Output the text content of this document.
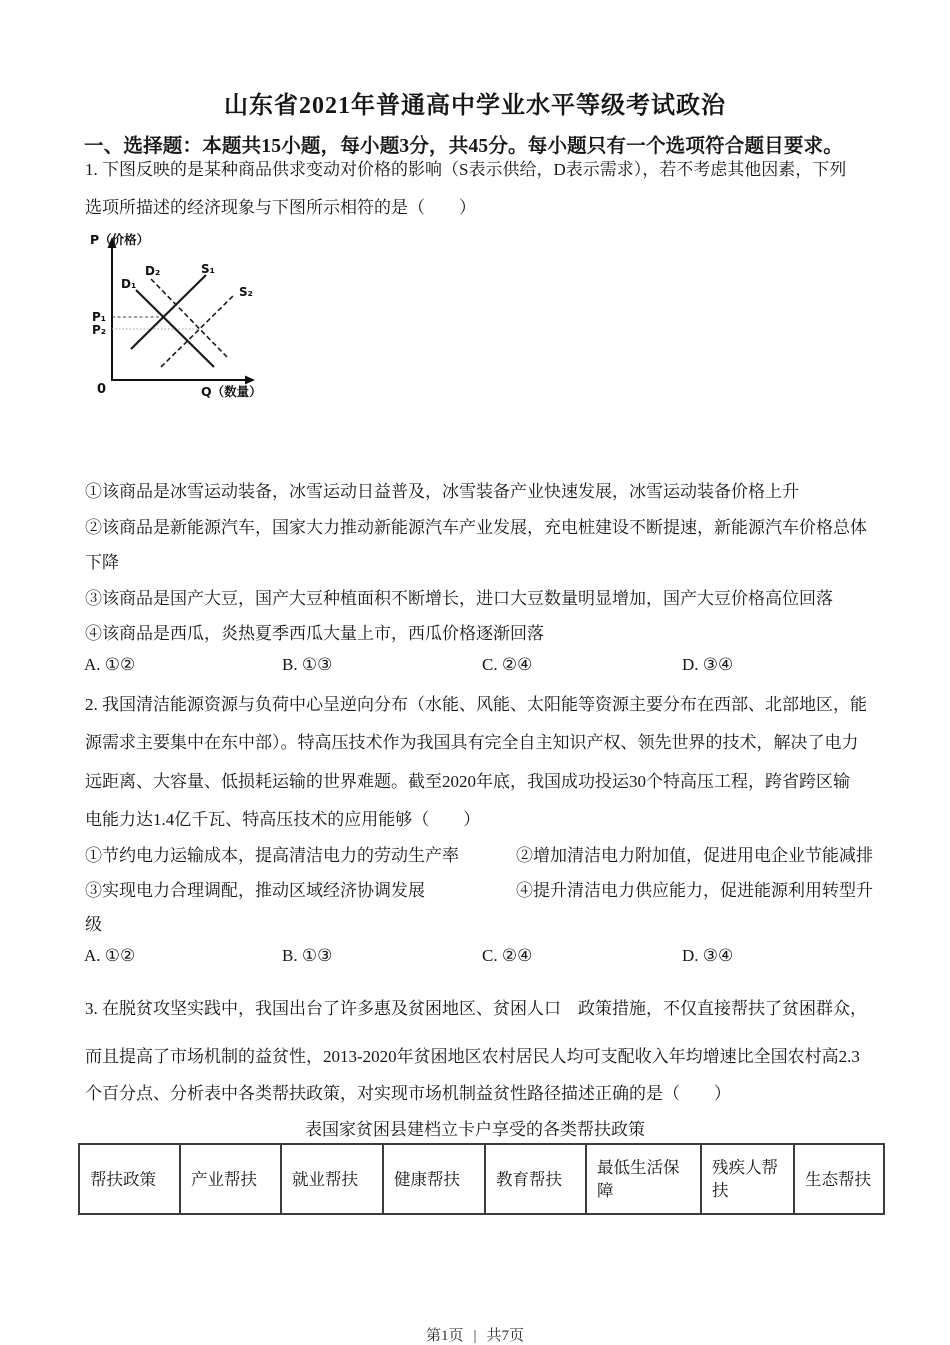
山东省2021年普通高中学业水平等级考试政治
一、选择题：本题共15小题，每小题3分，共45分。每小题只有一个选项符合题目要求。
1. 下图反映的是某种商品供求变动对价格的影响（S表示供给，D表示需求），若不考虑其他因素，下列
选项所描述的经济现象与下图所示相符的是（　　）
P（价格）
0	Q（数量）
D₁
D₂	S₁
S₂
P₁
P₂
①该商品是冰雪运动装备，冰雪运动日益普及，冰雪装备产业快速发展，冰雪运动装备价格上升
②该商品是新能源汽车，国家大力推动新能源汽车产业发展，充电桩建设不断提速，新能源汽车价格总体
下降
③该商品是国产大豆，国产大豆种植面积不断增长，进口大豆数量明显增加，国产大豆价格高位回落
④该商品是西瓜，炎热夏季西瓜大量上市，西瓜价格逐渐回落
A. ①②	B. ①③	C. ②④	D. ③④
2. 我国清洁能源资源与负荷中心呈逆向分布（水能、风能、太阳能等资源主要分布在西部、北部地区，能
源需求主要集中在东中部）。特高压技术作为我国具有完全自主知识产权、领先世界的技术，解决了电力
远距离、大容量、低损耗运输的世界难题。截至2020年底，我国成功投运30个特高压工程，跨省跨区输
电能力达1.4亿千瓦、特高压技术的应用能够（　　）
①节约电力运输成本，提高清洁电力的劳动生产率	②增加清洁电力附加值，促进用电企业节能减排
③实现电力合理调配，推动区域经济协调发展	④提升清洁电力供应能力，促进能源利用转型升
级
A. ①②	B. ①③	C. ②④	D. ③④
3. 在脱贫攻坚实践中，我国出台了许多惠及贫困地区、贫困人口　政策措施，不仅直接帮扶了贫困群众，
而且提高了市场机制的益贫性，2013-2020年贫困地区农村居民人均可支配收入年均增速比全国农村高2.3
个百分点、分析表中各类帮扶政策，对实现市场机制益贫性路径描述正确的是（　　）
表国家贫困县建档立卡户享受的各类帮扶政策
帮扶政策	产业帮扶	就业帮扶	健康帮扶	教育帮扶	最低生活保障	残疾人帮扶	生态帮扶
第1页 | 共7页
